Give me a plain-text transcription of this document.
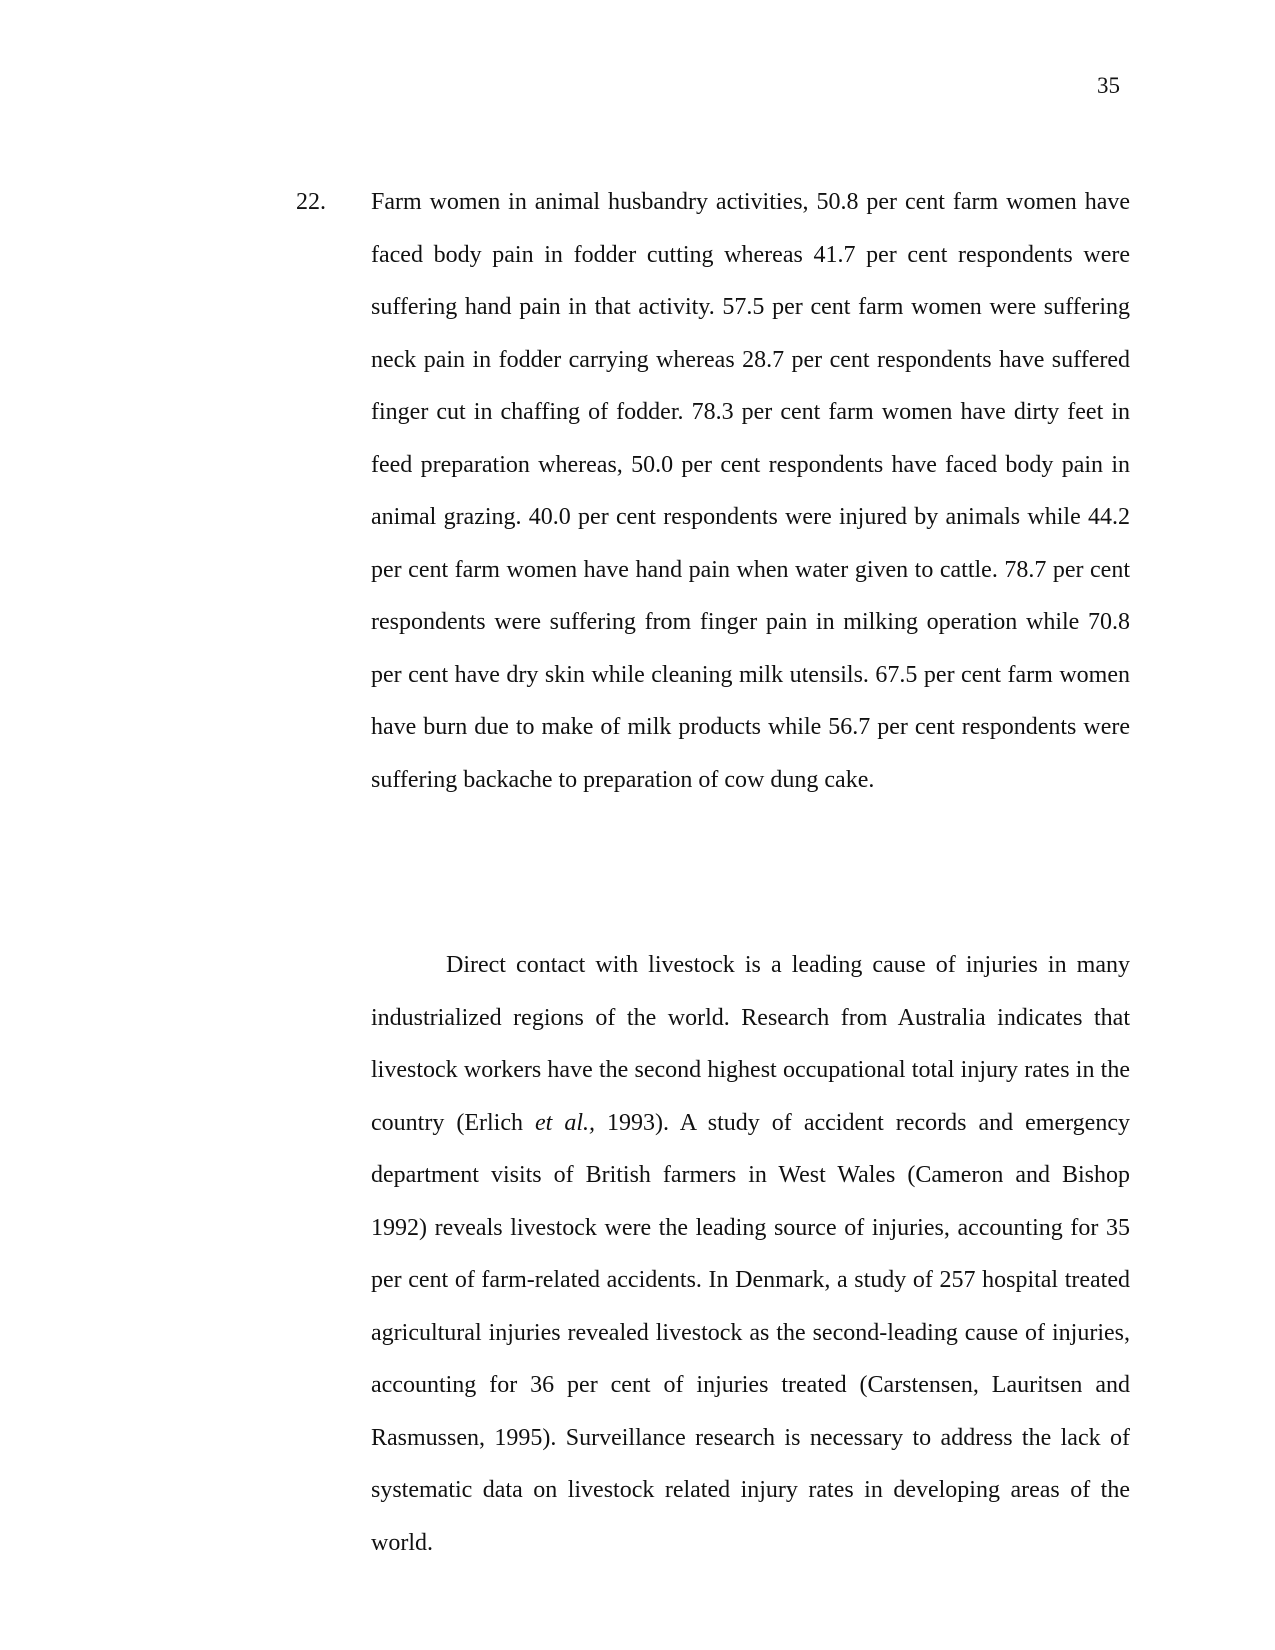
35
22. Farm women in animal husbandry activities, 50.8 per cent farm women have faced body pain in fodder cutting whereas 41.7 per cent respondents were suffering hand pain in that activity. 57.5 per cent farm women were suffering neck pain in fodder carrying whereas 28.7 per cent respondents have suffered finger cut in chaffing of fodder. 78.3 per cent farm women have dirty feet in feed preparation whereas, 50.0 per cent respondents have faced body pain in animal grazing. 40.0 per cent respondents were injured by animals while 44.2 per cent farm women have hand pain when water given to cattle. 78.7 per cent respondents were suffering from finger pain in milking operation while 70.8 per cent have dry skin while cleaning milk utensils. 67.5 per cent farm women have burn due to make of milk products while 56.7 per cent respondents were suffering backache to preparation of cow dung cake.

Direct contact with livestock is a leading cause of injuries in many industrialized regions of the world. Research from Australia indicates that livestock workers have the second highest occupational total injury rates in the country (Erlich et al., 1993). A study of accident records and emergency department visits of British farmers in West Wales (Cameron and Bishop 1992) reveals livestock were the leading source of injuries, accounting for 35 per cent of farm-related accidents. In Denmark, a study of 257 hospital treated agricultural injuries revealed livestock as the second-leading cause of injuries, accounting for 36 per cent of injuries treated (Carstensen, Lauritsen and Rasmussen, 1995). Surveillance research is necessary to address the lack of systematic data on livestock related injury rates in developing areas of the world.
